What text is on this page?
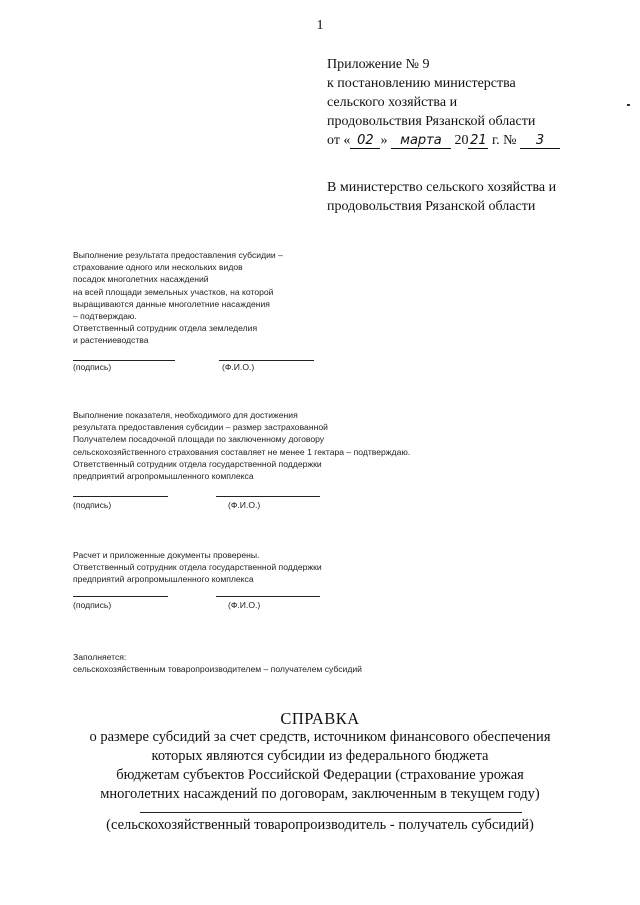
1
Приложение № 9
к постановлению министерства
сельского хозяйства и
продовольствия Рязанской области
от « 02 » марта 20 21 г. № 3
В министерство сельского хозяйства и
продовольствия Рязанской области
Выполнение результата предоставления субсидии –
страхование одного или нескольких видов
посадок многолетних насаждений
на всей площади земельных участков, на которой
выращиваются данные многолетние насаждения
– подтверждаю.
Ответственный сотрудник отдела земледелия
и растениеводства
(подпись)	(Ф.И.О.)
Выполнение показателя, необходимого для достижения
результата предоставления субсидии – размер застрахованной
Получателем посадочной площади по заключенному договору
сельскохозяйственного страхования составляет не менее 1 гектара – подтверждаю.
Ответственный сотрудник отдела государственной поддержки
предприятий агропромышленного комплекса
(подпись)	(Ф.И.О.)
Расчет и приложенные документы проверены.
Ответственный сотрудник отдела государственной поддержки
предприятий агропромышленного комплекса
(подпись)	(Ф.И.О.)
Заполняется:
сельскохозяйственным товаропроизводителем – получателем субсидий
СПРАВКА
о размере субсидий за счет средств, источником финансового обеспечения
которых являются субсидии из федерального бюджета
бюджетам субъектов Российской Федерации (страхование урожая
многолетних насаждений по договорам, заключенным в текущем году)
(сельскохозяйственный товаропроизводитель - получатель субсидий)
